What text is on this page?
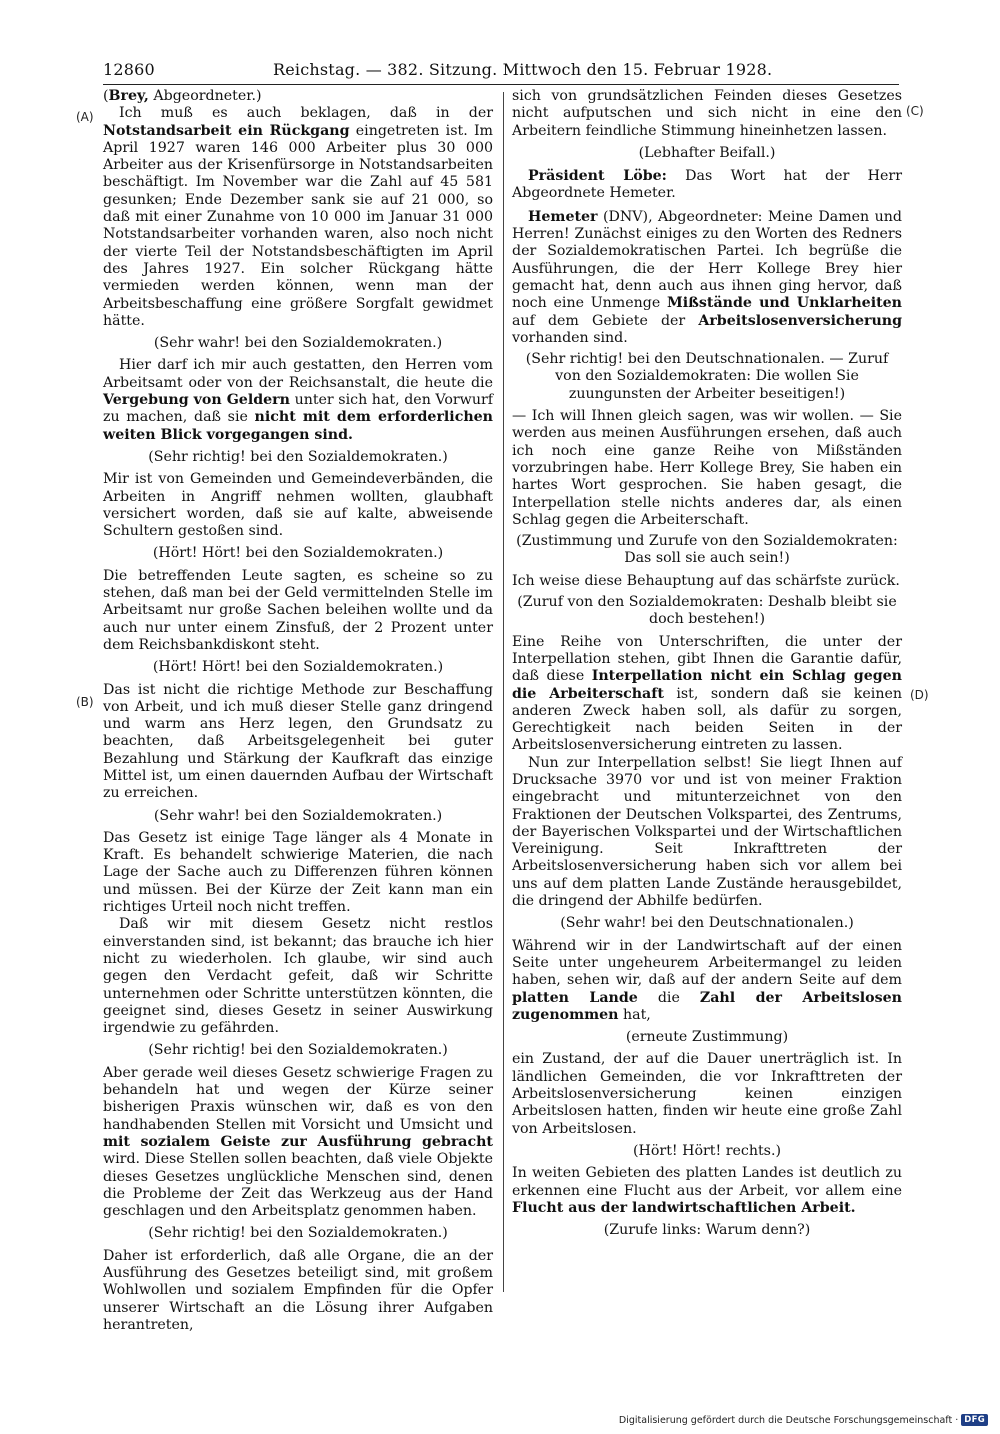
12860	Reichstag. — 382. Sitzung. Mittwoch den 15. Februar 1928.
(A)
(B)
(C)
(D)

(Brey, Abgeordneter.)

Ich muß es auch beklagen, daß in der Notstandsarbeit ein Rückgang eingetreten ist. Im April 1927 waren 146 000 Arbeiter plus 30 000 Arbeiter aus der Krisenfürsorge in Notstandsarbeiten beschäftigt. Im November war die Zahl auf 45 581 gesunken; Ende Dezember sank sie auf 21 000, so daß mit einer Zunahme von 10 000 im Januar 31 000 Notstandsarbeiter vorhanden waren, also noch nicht der vierte Teil der Notstandsbeschäftigten im April des Jahres 1927. Ein solcher Rückgang hätte vermieden werden können, wenn man der Arbeitsbeschaffung eine größere Sorgfalt gewidmet hätte.

(Sehr wahr! bei den Sozialdemokraten.)

Hier darf ich mir auch gestatten, den Herren vom Arbeitsamt oder von der Reichsanstalt, die heute die Vergebung von Geldern unter sich hat, den Vorwurf zu machen, daß sie nicht mit dem erforderlichen weiten Blick vorgegangen sind.

(Sehr richtig! bei den Sozialdemokraten.)

Mir ist von Gemeinden und Gemeindeverbänden, die Arbeiten in Angriff nehmen wollten, glaubhaft versichert worden, daß sie auf kalte, abweisende Schultern gestoßen sind.

(Hört! Hört! bei den Sozialdemokraten.)

Die betreffenden Leute sagten, es scheine so zu stehen, daß man bei der Geld vermittelnden Stelle im Arbeitsamt nur große Sachen beleihen wollte und da auch nur unter einem Zinsfuß, der 2 Prozent unter dem Reichsbankdiskont steht.

(Hört! Hört! bei den Sozialdemokraten.)

Das ist nicht die richtige Methode zur Beschaffung von Arbeit, und ich muß dieser Stelle ganz dringend und warm ans Herz legen, den Grundsatz zu beachten, daß Arbeitsgelegenheit bei guter Bezahlung und Stärkung der Kaufkraft das einzige Mittel ist, um einen dauernden Aufbau der Wirtschaft zu erreichen.

(Sehr wahr! bei den Sozialdemokraten.)

Das Gesetz ist einige Tage länger als 4 Monate in Kraft. Es behandelt schwierige Materien, die nach Lage der Sache auch zu Differenzen führen können und müssen. Bei der Kürze der Zeit kann man ein richtiges Urteil noch nicht treffen.

Daß wir mit diesem Gesetz nicht restlos einverstanden sind, ist bekannt; das brauche ich hier nicht zu wiederholen. Ich glaube, wir sind auch gegen den Verdacht gefeit, daß wir Schritte unternehmen oder Schritte unterstützen könnten, die geeignet sind, dieses Gesetz in seiner Auswirkung irgendwie zu gefährden.

(Sehr richtig! bei den Sozialdemokraten.)

Aber gerade weil dieses Gesetz schwierige Fragen zu behandeln hat und wegen der Kürze seiner bisherigen Praxis wünschen wir, daß es von den handhabenden Stellen mit Vorsicht und Umsicht und mit sozialem Geiste zur Ausführung gebracht wird. Diese Stellen sollen beachten, daß viele Objekte dieses Gesetzes unglückliche Menschen sind, denen die Probleme der Zeit das Werkzeug aus der Hand geschlagen und den Arbeitsplatz genommen haben.

(Sehr richtig! bei den Sozialdemokraten.)

Daher ist erforderlich, daß alle Organe, die an der Ausführung des Gesetzes beteiligt sind, mit großem Wohlwollen und sozialem Empfinden für die Opfer unserer Wirtschaft an die Lösung ihrer Aufgaben herantreten,

sich von grundsätzlichen Feinden dieses Gesetzes nicht aufputschen und sich nicht in eine den Arbeitern feindliche Stimmung hineinhetzen lassen.

(Lebhafter Beifall.)

Präsident Löbe: Das Wort hat der Herr Abgeordnete Hemeter.

Hemeter (DNV), Abgeordneter: Meine Damen und Herren! Zunächst einiges zu den Worten des Redners der Sozialdemokratischen Partei. Ich begrüße die Ausführungen, die der Herr Kollege Brey hier gemacht hat, denn auch aus ihnen ging hervor, daß noch eine Unmenge Mißstände und Unklarheiten auf dem Gebiete der Arbeitslosenversicherung vorhanden sind.

(Sehr richtig! bei den Deutschnationalen. — Zuruf von den Sozialdemokraten: Die wollen Sie zuungunsten der Arbeiter beseitigen!)

— Ich will Ihnen gleich sagen, was wir wollen. — Sie werden aus meinen Ausführungen ersehen, daß auch ich noch eine ganze Reihe von Mißständen vorzubringen habe. Herr Kollege Brey, Sie haben ein hartes Wort gesprochen. Sie haben gesagt, die Interpellation stelle nichts anderes dar, als einen Schlag gegen die Arbeiterschaft.

(Zustimmung und Zurufe von den Sozialdemokraten: Das soll sie auch sein!)

Ich weise diese Behauptung auf das schärfste zurück.

(Zuruf von den Sozialdemokraten: Deshalb bleibt sie doch bestehen!)

Eine Reihe von Unterschriften, die unter der Interpellation stehen, gibt Ihnen die Garantie dafür, daß diese Interpellation nicht ein Schlag gegen die Arbeiterschaft ist, sondern daß sie keinen anderen Zweck haben soll, als dafür zu sorgen, Gerechtigkeit nach beiden Seiten in der Arbeitslosenversicherung eintreten zu lassen.

Nun zur Interpellation selbst! Sie liegt Ihnen auf Drucksache 3970 vor und ist von meiner Fraktion eingebracht und mitunterzeichnet von den Fraktionen der Deutschen Volkspartei, des Zentrums, der Bayerischen Volkspartei und der Wirtschaftlichen Vereinigung. Seit Inkrafttreten der Arbeitslosenversicherung haben sich vor allem bei uns auf dem platten Lande Zustände herausgebildet, die dringend der Abhilfe bedürfen.

(Sehr wahr! bei den Deutschnationalen.)

Während wir in der Landwirtschaft auf der einen Seite unter ungeheurem Arbeitermangel zu leiden haben, sehen wir, daß auf der andern Seite auf dem platten Lande die Zahl der Arbeitslosen zugenommen hat,

(erneute Zustimmung)

ein Zustand, der auf die Dauer unerträglich ist. In ländlichen Gemeinden, die vor Inkrafttreten der Arbeitslosenversicherung keinen einzigen Arbeitslosen hatten, finden wir heute eine große Zahl von Arbeitslosen.

(Hört! Hört! rechts.)

In weiten Gebieten des platten Landes ist deutlich zu erkennen eine Flucht aus der Arbeit, vor allem eine Flucht aus der landwirtschaftlichen Arbeit.

(Zurufe links: Warum denn?)

Digitalisierung gefördert durch die Deutsche Forschungsgemeinschaft · DFG
